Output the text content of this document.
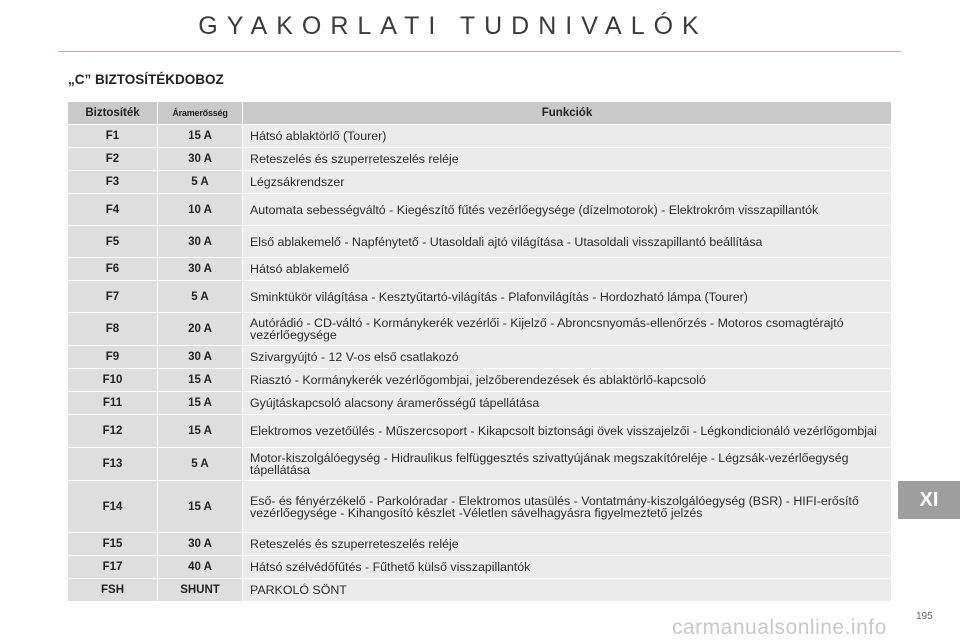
GYAKORLATI TUDNIVALÓK
„C” BIZTOSÍTÉKDOBOZ
Biztosíték	Áramerősség	Funkciók
F1	15 A	Hátsó ablaktörlő (Tourer)
F2	30 A	Reteszelés és szuperreteszelés reléje
F3	5 A	Légzsákrendszer
F4	10 A	Automata sebességváltó - Kiegészítő fűtés vezérlőegysége (dízelmotorok) - Elektrokróm visszapillantók
F5	30 A	Első ablakemelő - Napfénytető - Utasoldali ajtó világítása - Utasoldali visszapillantó beállítása
F6	30 A	Hátsó ablakemelő
F7	5 A	Sminktükör világítása - Kesztyűtartó-világítás - Plafonvilágítás - Hordozható lámpa (Tourer)
F8	20 A	Autórádió - CD-váltó - Kormánykerék vezérlői - Kijelző - Abroncsnyomás-ellenőrzés - Motoros csomagtérajtó vezérlőegysége
F9	30 A	Szivargyújtó - 12 V-os első csatlakozó
F10	15 A	Riasztó - Kormánykerék vezérlőgombjai, jelzőberendezések és ablaktörlő-kapcsoló
F11	15 A	Gyújtáskapcsoló alacsony áramerősségű tápellátása
F12	15 A	Elektromos vezetőülés - Műszercsoport - Kikapcsolt biztonsági övek visszajelzői - Légkondicionáló vezérlőgombjai
F13	5 A	Motor-kiszolgálóegység - Hidraulikus felfüggesztés szivattyújának megszakítóreléje - Légzsák-vezérlőegység tápellátása
F14	15 A	Eső- és fényérzékelő - Parkolóradar - Elektromos utasülés - Vontatmány-kiszolgálóegység (BSR) - HIFI-erősítő vezérlőegysége - Kihangosító készlet -Véletlen sávelhagyásra figyelmeztető jelzés
F15	30 A	Reteszelés és szuperreteszelés reléje
F17	40 A	Hátsó szélvédőfűtés - Fűthető külső visszapillantók
FSH	SHUNT	PARKOLÓ SÖNT
XI
195
carmanualsonline.info
